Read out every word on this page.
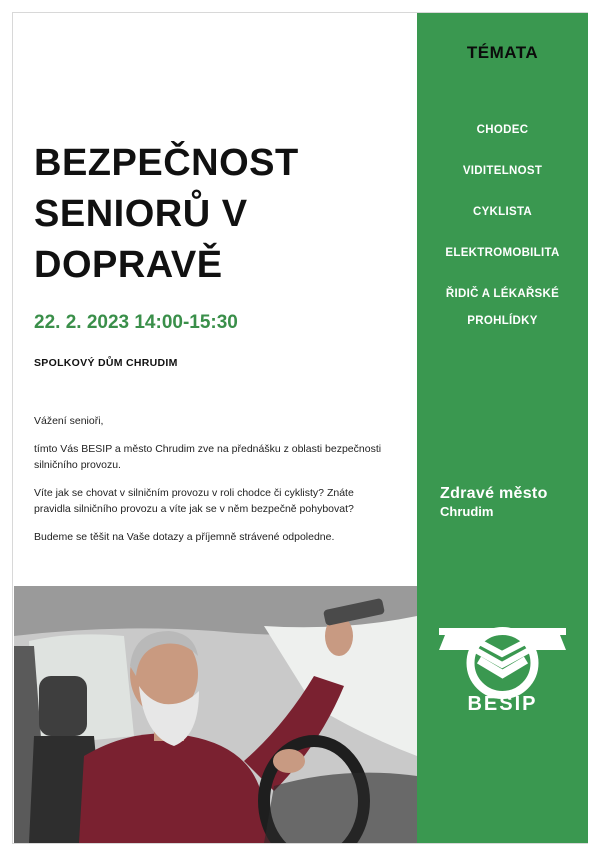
BEZPEČNOST
SENIORŮ V
DOPRAVĚ
22. 2. 2023 14:00-15:30
SPOLKOVÝ DŮM CHRUDIM

Vážení senioři,

tímto Vás BESIP a město Chrudim zve na přednášku z oblasti bezpečnosti silničního provozu.

Víte jak se chovat v silničním provozu v roli chodce či cyklisty? Znáte pravidla silničního provozu a víte jak se v něm bezpečně pohybovat?

Budeme se těšit na Vaše dotazy a příjemně strávené odpoledne.

TÉMATA
CHODEC
VIDITELNOST
CYKLISTA
ELEKTROMOBILITA
ŘIDIČ A LÉKAŘSKÉ
PROHLÍDKY
Zdravé město
Chrudim
BESIP
